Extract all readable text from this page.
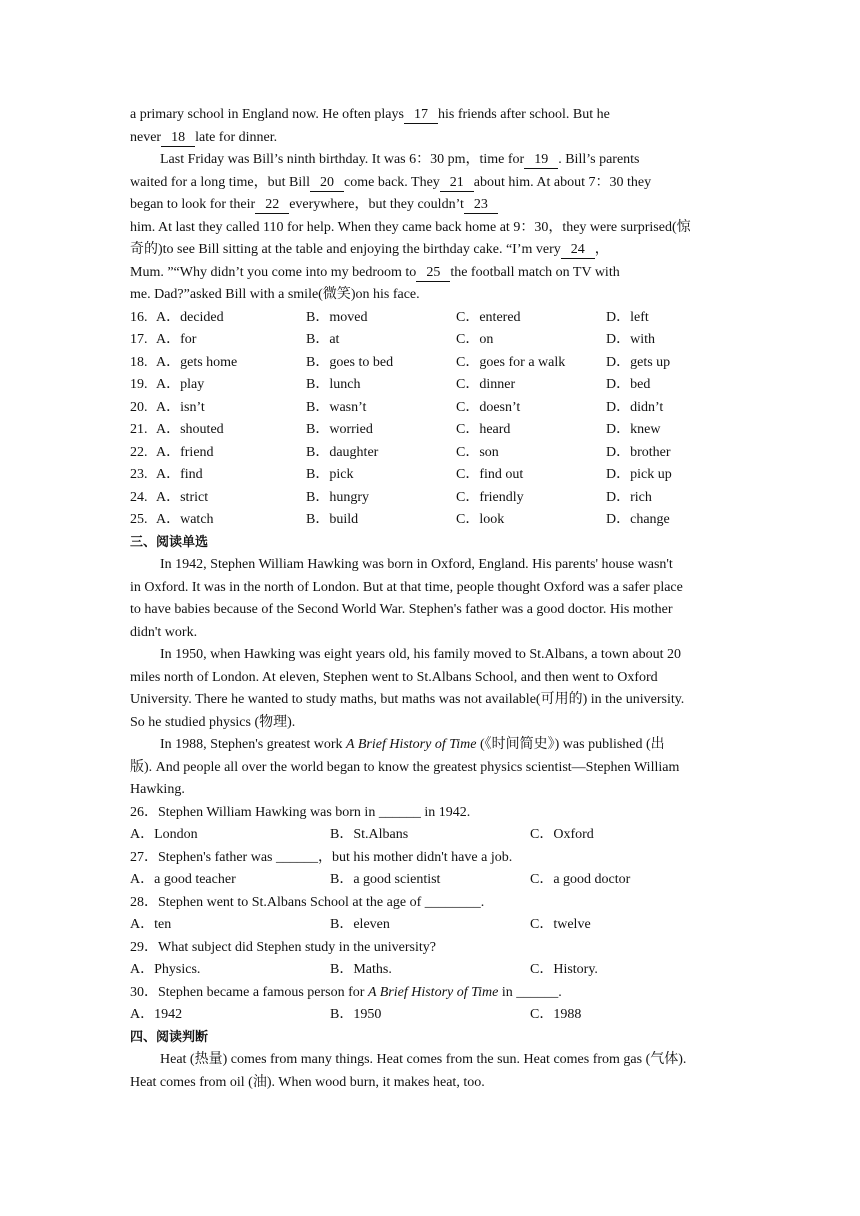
a primary school in England now. He often plays 17 his friends after school. But he
never 18 late for dinner.
Last Friday was Bill’s ninth birthday. It was 6：30 pm，time for 19 . Bill’s parents
waited for a long time，but Bill 20 come back. They 21 about him. At about 7：30 they
began to look for their 22 everywhere，but they couldn’t 23
him. At last they called 110 for help. When they came back home at 9：30，they were surprised(惊
奇的)to see Bill sitting at the table and enjoying the birthday cake. “I’m very 24 ，
Mum. ”“Why didn’t you come into my bedroom to 25 the football match on TV with
me. Dad?”asked Bill with a smile(微笑)on his face.
16. A．decided	B．moved	C．entered	D．left
17. A．for	B．at	C．on	D．with
18. A．gets home	B．goes to bed	C．goes for a walk	D．gets up
19. A．play	B．lunch	C．dinner	D．bed
20. A．isn’t	B．wasn’t	C．doesn’t	D．didn’t
21. A．shouted	B．worried	C．heard	D．knew
22. A．friend	B．daughter	C．son	D．brother
23. A．find	B．pick	C．find out	D．pick up
24. A．strict	B．hungry	C．friendly	D．rich
25. A．watch	B．build	C．look	D．change
三、阅读单选
In 1942, Stephen William Hawking was born in Oxford, England. His parents' house wasn't
in Oxford. It was in the north of London. But at that time, people thought Oxford was a safer place
to have babies because of the Second World War. Stephen's father was a good doctor. His mother
didn't work.
In 1950, when Hawking was eight years old, his family moved to St.Albans, a town about 20
miles north of London. At eleven, Stephen went to St.Albans School, and then went to Oxford
University. There he wanted to study maths, but maths was not available(可用的) in the university.
So he studied physics (物理).
In 1988, Stephen's greatest work A Brief History of Time (《时间简史》) was published (出
版). And people all over the world began to know the greatest physics scientist—Stephen William
Hawking.
26．Stephen William Hawking was born in ______ in 1942.
A．London	B．St.Albans	C．Oxford
27．Stephen's father was ______，but his mother didn't have a job.
A．a good teacher	B．a good scientist	C．a good doctor
28．Stephen went to St.Albans School at the age of ________.
A．ten	B．eleven	C．twelve
29．What subject did Stephen study in the university?
A．Physics.	B．Maths.	C．History.
30．Stephen became a famous person for A Brief History of Time in ______.
A．1942	B．1950	C．1988
四、阅读判断
Heat (热量) comes from many things. Heat comes from the sun. Heat comes from gas (气体).
Heat comes from oil (油). When wood burn, it makes heat, too.
